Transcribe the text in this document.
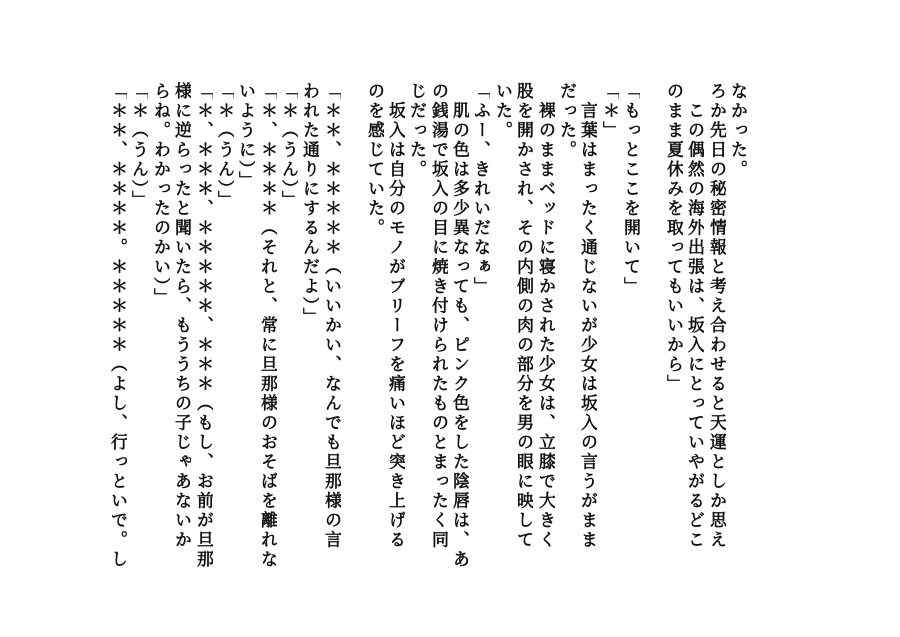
なかった。
ろか先日の秘密情報と考え合わせると天運としか思え
　この偶然の海外出張は、坂入にとっていやがるどこ
のまま夏休みを取ってもいいから」
「もっとここを開いて」
「＊」
　言葉はまったく通じないが少女は坂入の言うがまま
だった。
　裸のままベッドに寝かされた少女は、立膝で大きく
股を開かされ、その内側の肉の部分を男の眼に映して
いた。
「ふー、きれいだなぁ」
　肌の色は多少異なっても、ピンク色をした陰唇は、あ
の銭湯で坂入の目に焼き付けられたものとまったく同
じだった。
　坂入は自分のモノがブリーフを痛いほど突き上げる
のを感じていた。
「＊＊、＊＊＊＊＊（いいかい、なんでも旦那様の言
われた通りにするんだよ）」
「＊（うん）」
「＊、＊＊＊＊（それと、常に旦那様のおそばを離れな
いように）」
「＊（うん）」
「＊、＊＊＊、＊＊＊＊＊、＊＊＊（もし、お前が旦那
様に逆らったと聞いたら、もううちの子じゃあないか
らね。わかったのかい）」
「＊（うん）」
「＊＊、＊＊＊＊。＊＊＊＊＊（よし、行っといで。し
